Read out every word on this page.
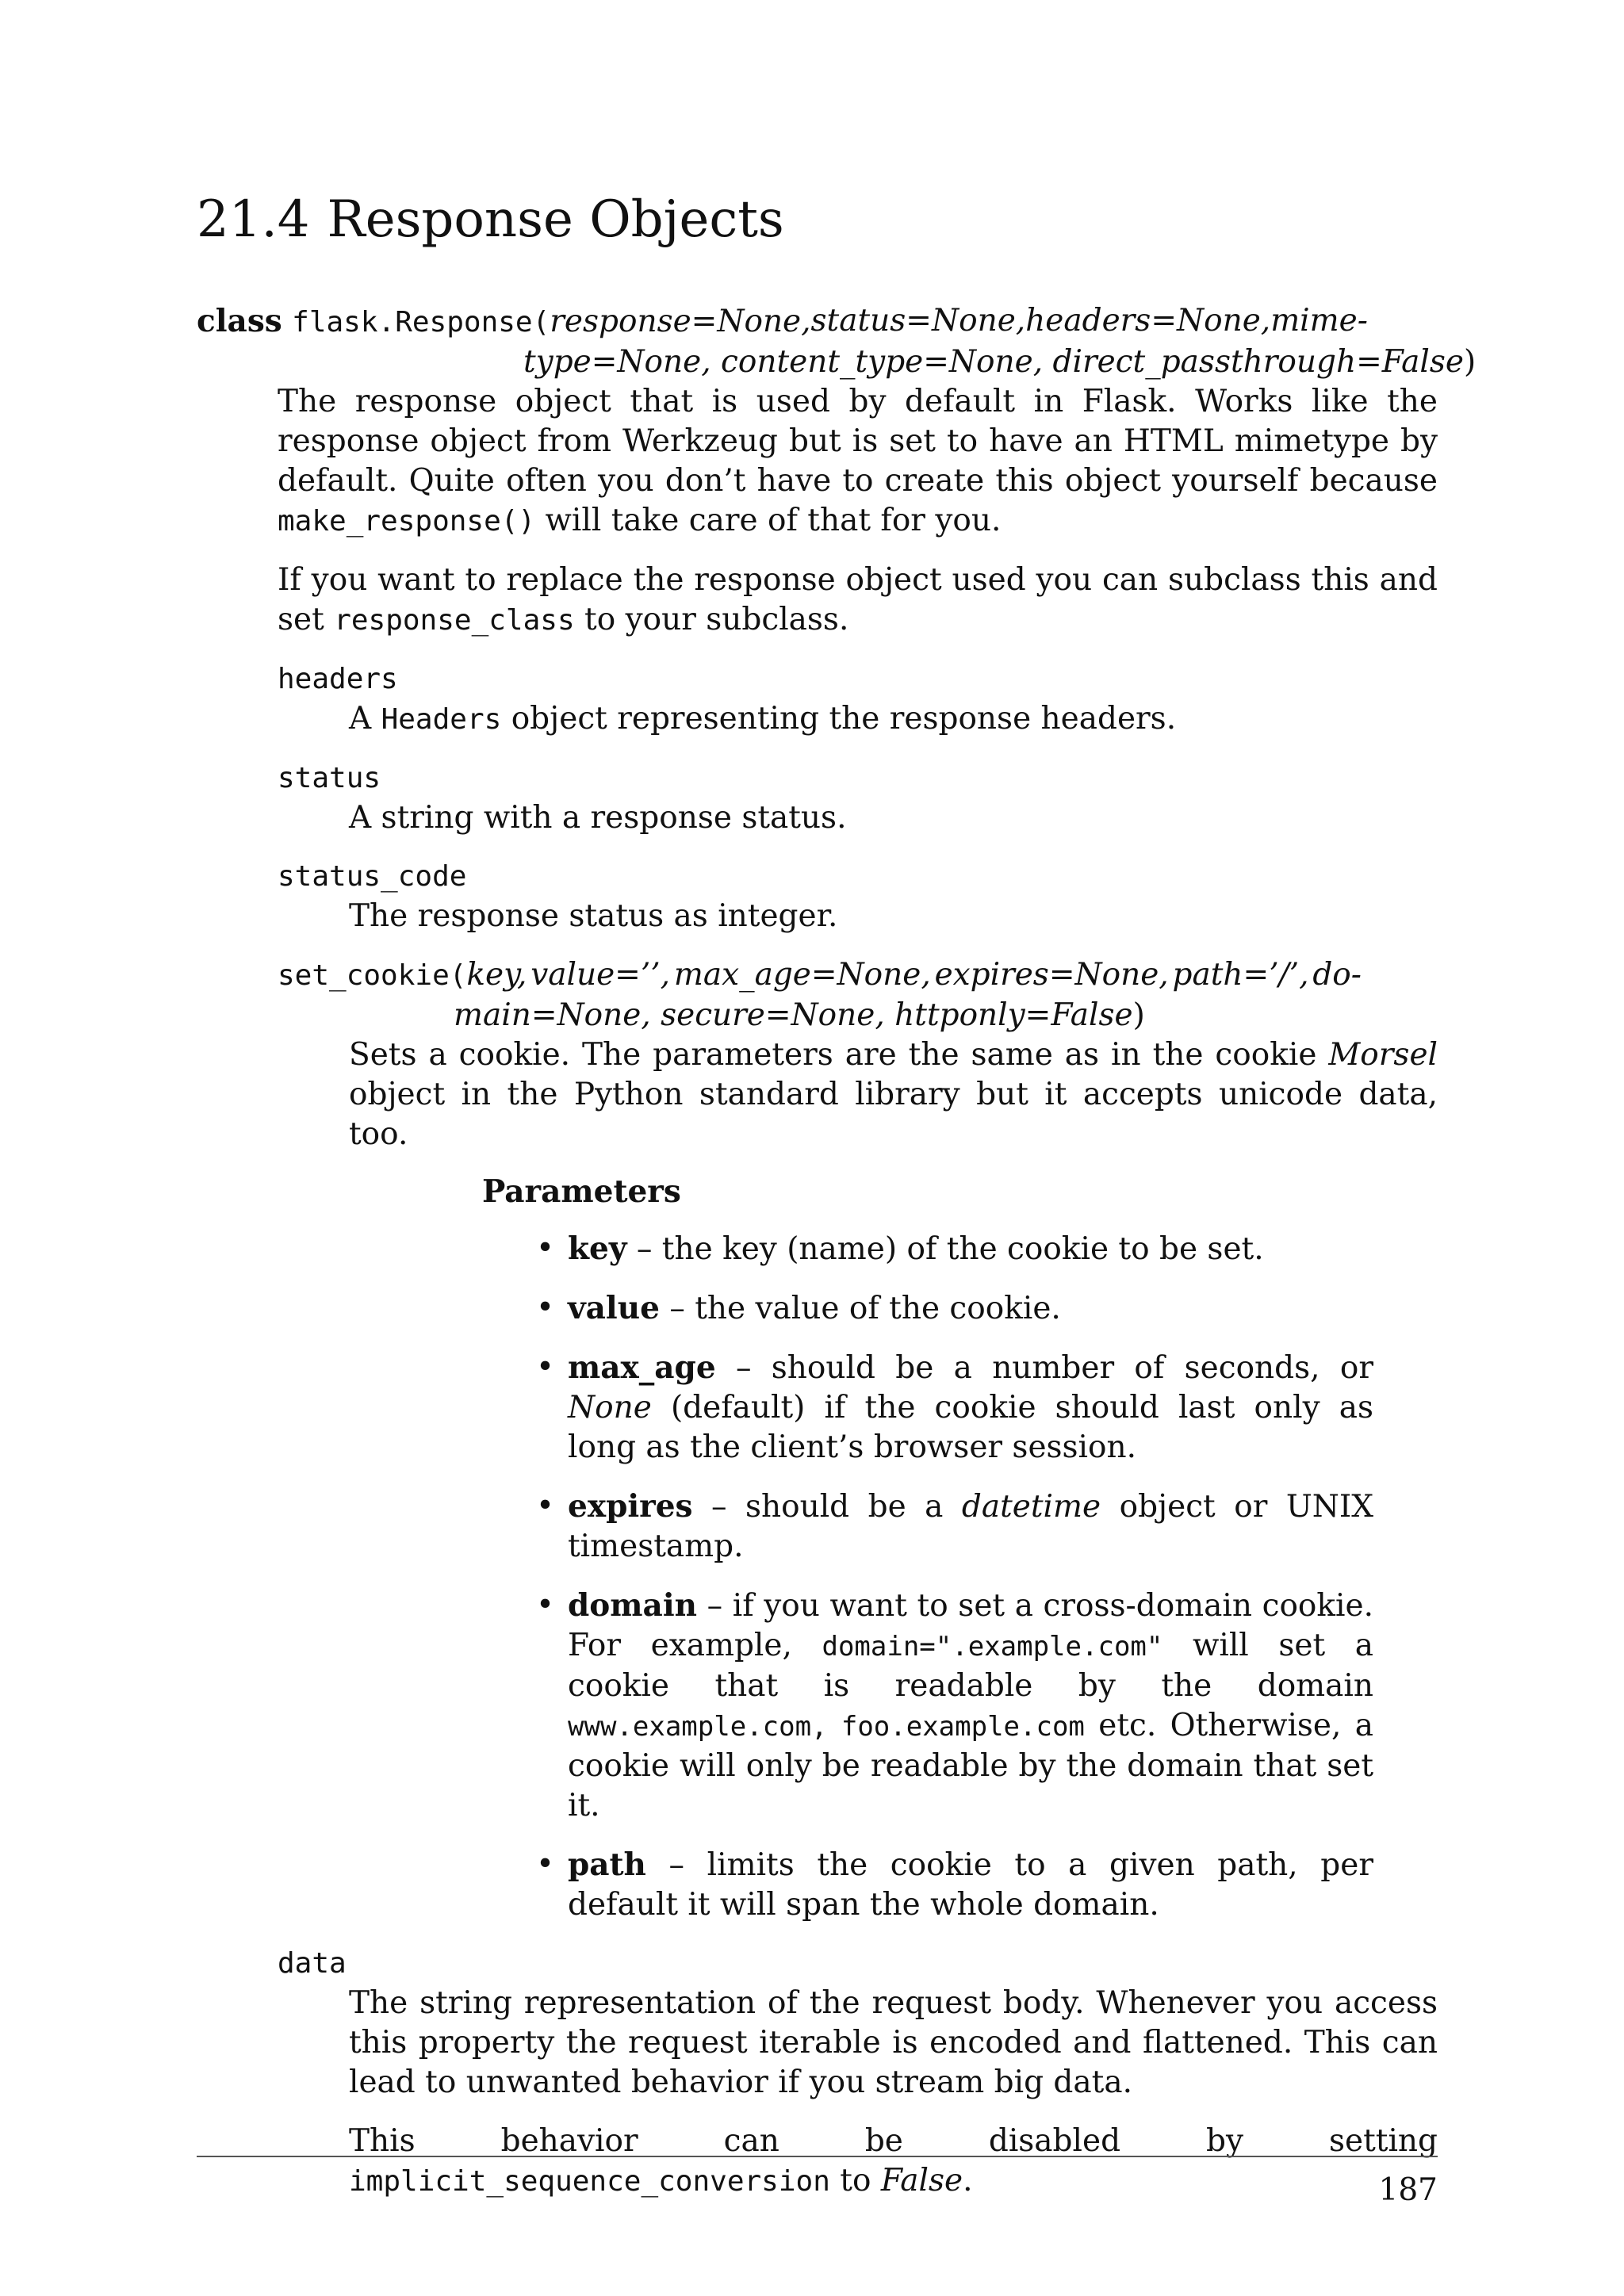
21.4 Response Objects
class flask.Response(response=None, status=None, headers=None, mime-
type=None, content_type=None, direct_passthrough=False)

The response object that is used by default in Flask. Works like the response object from Werkzeug but is set to have an HTML mimetype by default. Quite often you don’t have to create this object yourself because make_response() will take care of that for you.

If you want to replace the response object used you can subclass this and set response_class to your subclass.

headers
A Headers object representing the response headers.
status
A string with a response status.
status_code
The response status as integer.
set_cookie(key, value=’’, max_age=None, expires=None, path=’/’, do-
main=None, secure=None, httponly=False)
Sets a cookie. The parameters are the same as in the cookie Morsel object in the Python standard library but it accepts unicode data, too.
Parameters
• key – the key (name) of the cookie to be set.
• value – the value of the cookie.
• max_age – should be a number of seconds, or None (default) if the cookie should last only as long as the client’s browser session.
• expires – should be a datetime object or UNIX timestamp.
• domain – if you want to set a cross-domain cookie. For example, domain=".example.com" will set a cookie that is readable by the domain www.example.com, foo.example.com etc. Otherwise, a cookie will only be readable by the domain that set it.
• path – limits the cookie to a given path, per default it will span the whole domain.
data

The string representation of the request body. Whenever you access this property the request iterable is encoded and flattened. This can lead to unwanted behavior if you stream big data.

This behavior can be disabled by setting implicit_sequence_conversion to False.	187
